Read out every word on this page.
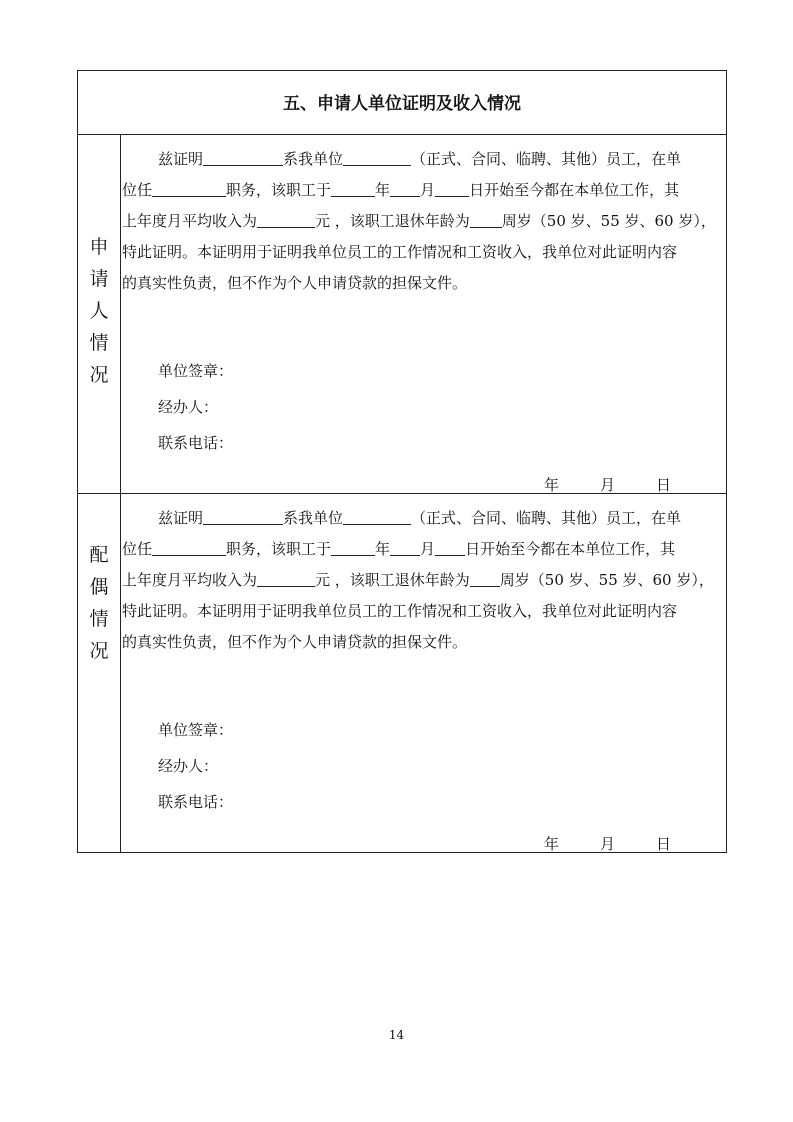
五、申请人单位证明及收入情况
申
请
人
情
况
兹证明	系我单位	（正式、合同、临聘、其他）员工，在单
位任	职务，该职工于	年 月 日开始至今都在本单位工作，其
上年度月平均收入为	元 ，该职工退休年龄为 周岁（50 岁、55 岁、60 岁），
特此证明。本证明用于证明我单位员工的工作情况和工资收入，我单位对此证明内容
的真实性负责，但不作为个人申请贷款的担保文件。
单位签章：
经办人：
联系电话：
年	月	日
配
偶
情
况
兹证明	系我单位	（正式、合同、临聘、其他）员工，在单
位任	职务，该职工于	年 月 日开始至今都在本单位工作，其
上年度月平均收入为	元 ，该职工退休年龄为 周岁（50 岁、55 岁、60 岁），
特此证明。本证明用于证明我单位员工的工作情况和工资收入，我单位对此证明内容
的真实性负责，但不作为个人申请贷款的担保文件。
单位签章：
经办人：
联系电话：
年	月	日
14
